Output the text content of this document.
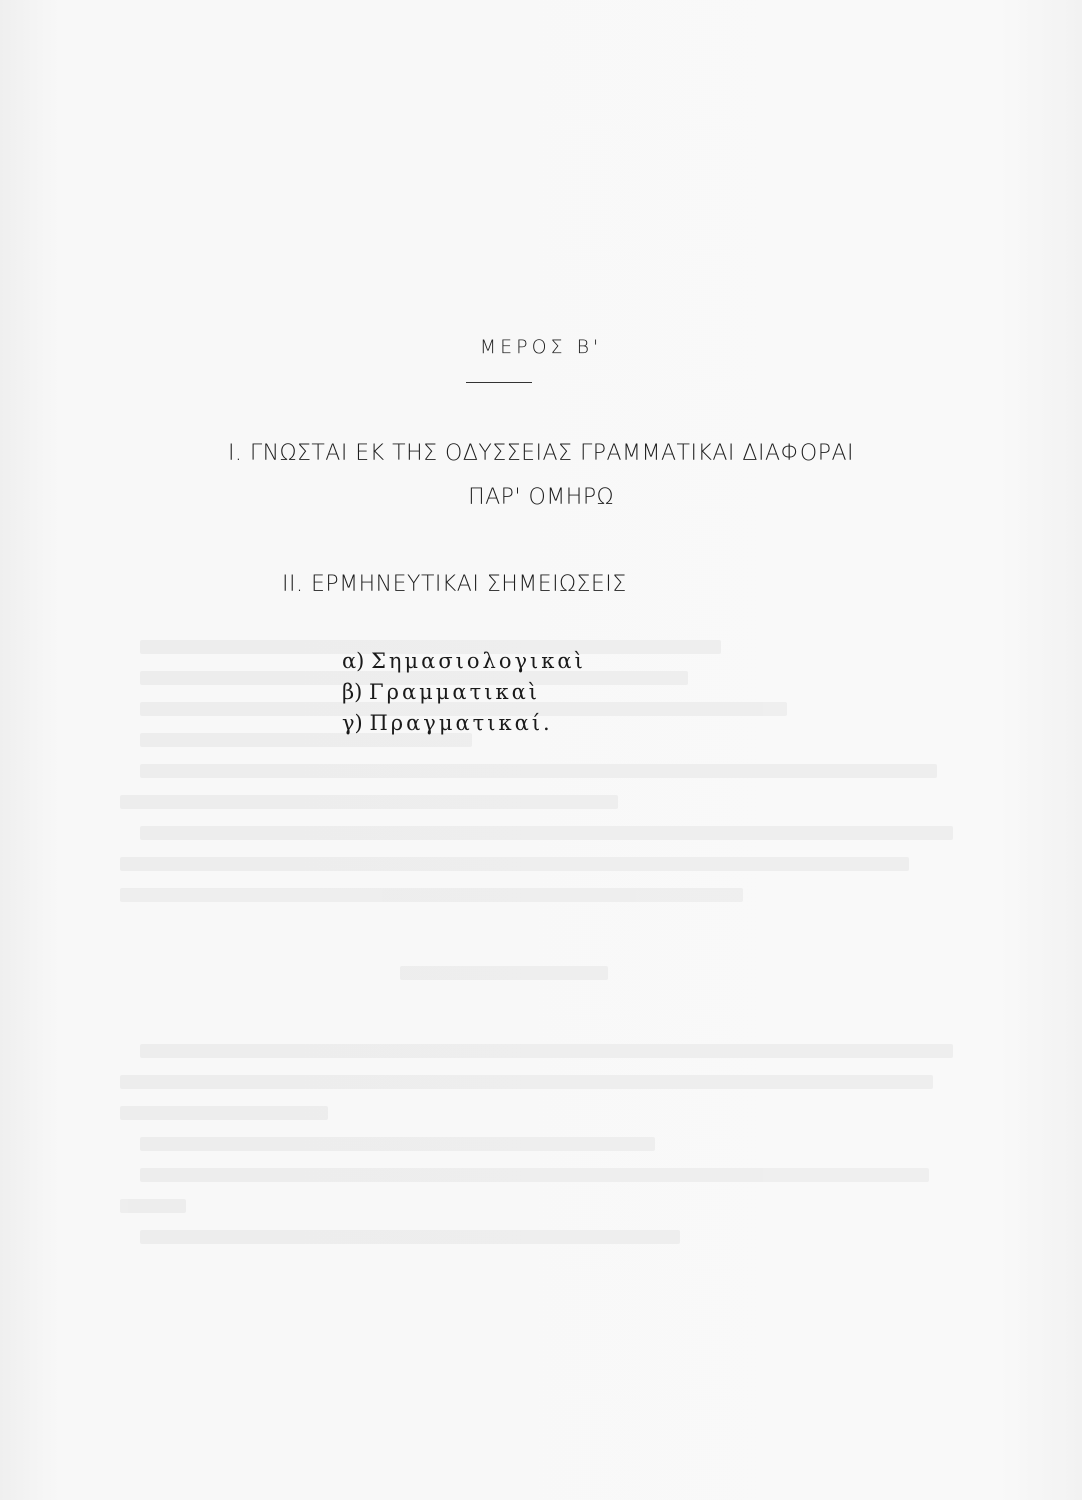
ΜΕΡΟΣ Β'
Ι. ΓΝΩΣΤΑΙ ΕΚ ΤΗΣ ΟΔΥΣΣΕΙΑΣ ΓΡΑΜΜΑΤΙΚΑΙ ΔΙΑΦΟΡΑΙ
ΠΑΡ' ΟΜΗΡΩ
ΙΙ. ΕΡΜΗΝΕΥΤΙΚΑΙ ΣΗΜΕΙΩΣΕΙΣ
α) Σημασιολογικαὶ
β) Γραμματικαὶ
γ) Πραγματικαί.
